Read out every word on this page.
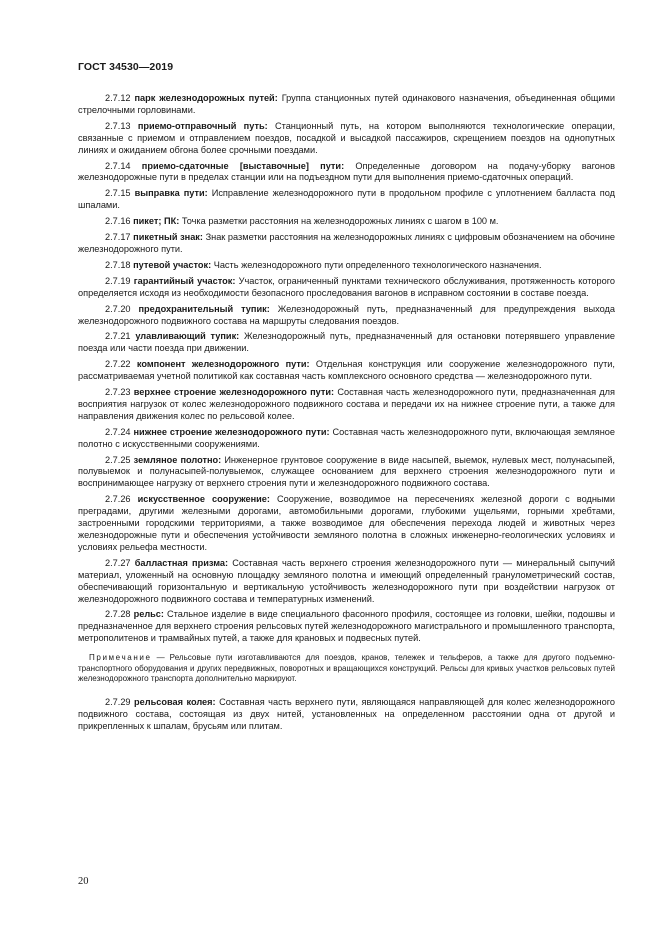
ГОСТ 34530—2019

2.7.12 парк железнодорожных путей: Группа станционных путей одинакового назначения, объединенная общими стрелочными горловинами.

2.7.13 приемо-отправочный путь: Станционный путь, на котором выполняются технологические операции, связанные с приемом и отправлением поездов, посадкой и высадкой пассажиров, скрещением поездов на однопутных линиях и ожиданием обгона более срочными поездами.

2.7.14 приемо-сдаточные [выставочные] пути: Определенные договором на подачу-уборку вагонов железнодорожные пути в пределах станции или на подъездном пути для выполнения приемо-сдаточных операций.

2.7.15 выправка пути: Исправление железнодорожного пути в продольном профиле с уплотнением балласта под шпалами.

2.7.16 пикет; ПК: Точка разметки расстояния на железнодорожных линиях с шагом в 100 м.

2.7.17 пикетный знак: Знак разметки расстояния на железнодорожных линиях с цифровым обозначением на обочине железнодорожного пути.

2.7.18 путевой участок: Часть железнодорожного пути определенного технологического назначения.

2.7.19 гарантийный участок: Участок, ограниченный пунктами технического обслуживания, протяженность которого определяется исходя из необходимости безопасного проследования вагонов в исправном состоянии в составе поезда.

2.7.20 предохранительный тупик: Железнодорожный путь, предназначенный для предупреждения выхода железнодорожного подвижного состава на маршруты следования поездов.

2.7.21 улавливающий тупик: Железнодорожный путь, предназначенный для остановки потерявшего управление поезда или части поезда при движении.

2.7.22 компонент железнодорожного пути: Отдельная конструкция или сооружение железнодорожного пути, рассматриваемая учетной политикой как составная часть комплексного основного средства — железнодорожного пути.

2.7.23 верхнее строение железнодорожного пути: Составная часть железнодорожного пути, предназначенная для восприятия нагрузок от колес железнодорожного подвижного состава и передачи их на нижнее строение пути, а также для направления движения колес по рельсовой колее.

2.7.24 нижнее строение железнодорожного пути: Составная часть железнодорожного пути, включающая земляное полотно с искусственными сооружениями.

2.7.25 земляное полотно: Инженерное грунтовое сооружение в виде насыпей, выемок, нулевых мест, полунасыпей, полувыемок и полунасыпей-полувыемок, служащее основанием для верхнего строения железнодорожного пути и воспринимающее нагрузку от верхнего строения пути и железнодорожного подвижного состава.

2.7.26 искусственное сооружение: Сооружение, возводимое на пересечениях железной дороги с водными преградами, другими железными дорогами, автомобильными дорогами, глубокими ущельями, горными хребтами, застроенными городскими территориями, а также возводимое для обеспечения перехода людей и животных через железнодорожные пути и обеспечения устойчивости земляного полотна в сложных инженерно-геологических условиях и условиях рельефа местности.

2.7.27 балластная призма: Составная часть верхнего строения железнодорожного пути — минеральный сыпучий материал, уложенный на основную площадку земляного полотна и имеющий определенный гранулометрический состав, обеспечивающий горизонтальную и вертикальную устойчивость железнодорожного пути при воздействии нагрузок от железнодорожного подвижного состава и температурных изменений.

2.7.28 рельс: Стальное изделие в виде специального фасонного профиля, состоящее из головки, шейки, подошвы и предназначенное для верхнего строения рельсовых путей железнодорожного магистрального и промышленного транспорта, метрополитенов и трамвайных путей, а также для крановых и подвесных путей.

Примечание — Рельсовые пути изготавливаются для поездов, кранов, тележек и тельферов, а также для другого подъемно-транспортного оборудования и других передвижных, поворотных и вращающихся конструкций. Рельсы для кривых участков рельсовых путей железнодорожного транспорта дополнительно маркируют.

2.7.29 рельсовая колея: Составная часть верхнего пути, являющаяся направляющей для колес железнодорожного подвижного состава, состоящая из двух нитей, установленных на определенном расстоянии одна от другой и прикрепленных к шпалам, брусьям или плитам.

20
